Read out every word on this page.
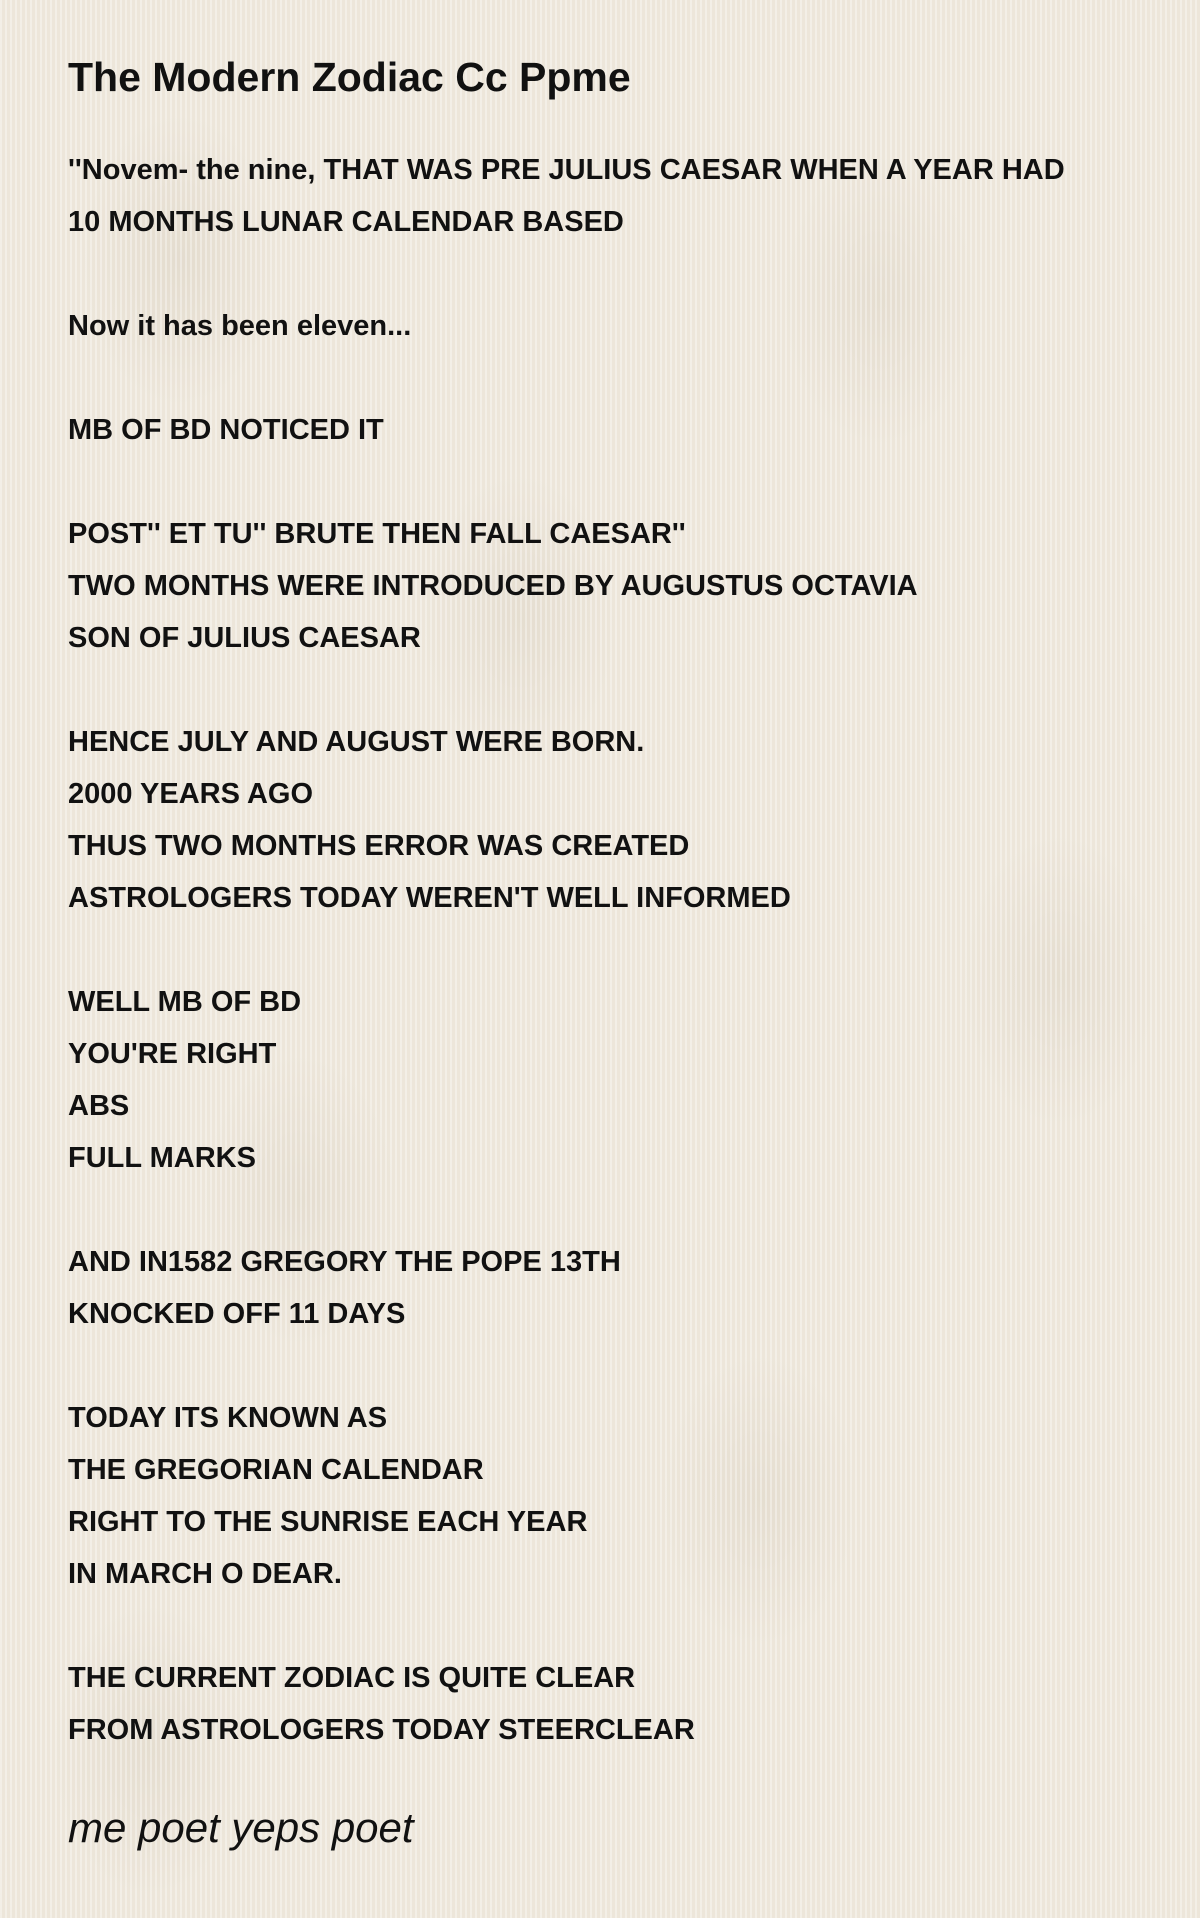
The Modern Zodiac Cc Ppme
''Novem- the nine, THAT WAS PRE JULIUS CAESAR WHEN A YEAR HAD
10 MONTHS LUNAR CALENDAR BASED
Now it has been eleven...
MB OF BD NOTICED IT
POST'' ET TU'' BRUTE THEN FALL CAESAR''
TWO MONTHS WERE INTRODUCED BY AUGUSTUS OCTAVIA
SON OF JULIUS CAESAR
HENCE JULY AND AUGUST WERE BORN.
2000 YEARS AGO
THUS TWO MONTHS ERROR WAS CREATED
ASTROLOGERS TODAY WEREN'T WELL INFORMED
WELL MB OF BD
YOU'RE RIGHT
ABS
FULL MARKS
AND IN1582 GREGORY THE POPE 13TH
KNOCKED OFF 11 DAYS
TODAY ITS KNOWN AS
THE GREGORIAN CALENDAR
RIGHT TO THE SUNRISE EACH YEAR
IN MARCH O DEAR.
THE CURRENT ZODIAC IS QUITE CLEAR
FROM ASTROLOGERS TODAY STEERCLEAR
me poet yeps poet
